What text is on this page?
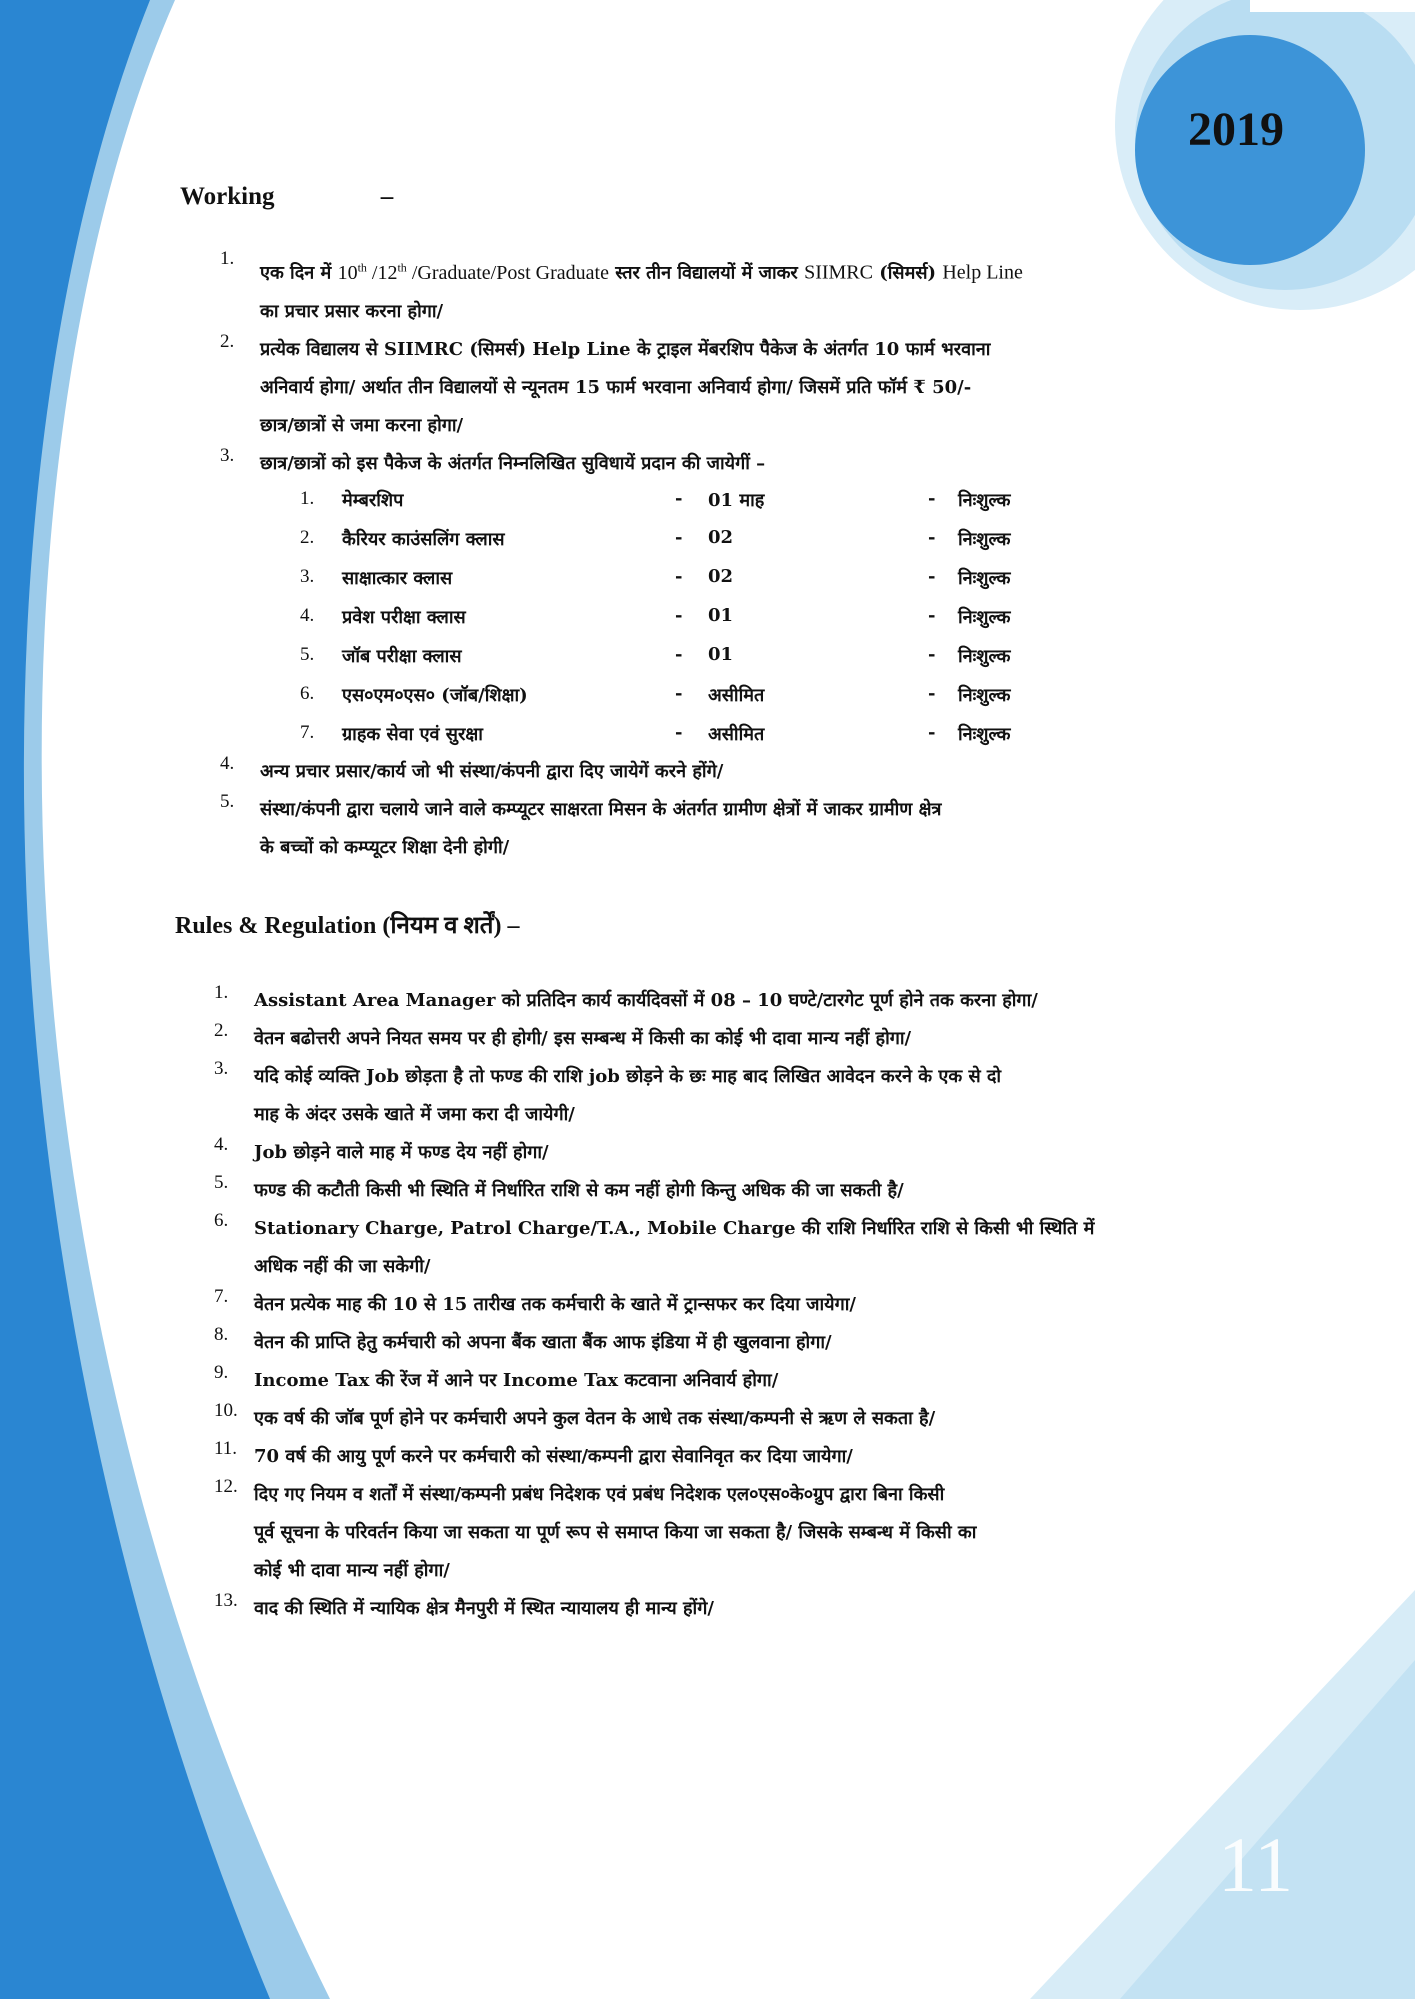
2019
Working	–
1.
एक दिन में 10th /12th /Graduate/Post Graduate स्तर तीन विद्यालयों में जाकर SIIMRC (सिमर्स) Help Line
का प्रचार प्रसार करना होगा/
2.	प्रत्येक विद्यालय से SIIMRC (सिमर्स) Help Line के ट्राइल मेंबरशिप पैकेज के अंतर्गत 10 फार्म भरवाना
अनिवार्य होगा/ अर्थात तीन विद्यालयों से न्यूनतम 15 फार्म भरवाना अनिवार्य होगा/ जिसमें प्रति फॉर्म ₹ 50/-
छात्र/छात्रों से जमा करना होगा/
3.	छात्र/छात्रों को इस पैकेज के अंतर्गत निम्नलिखित सुविधायें प्रदान की जायेगीं –
1. मेम्बरशिप	- 01 माह	- निःशुल्क
2. कैरियर काउंसलिंग क्लास	- 02	- निःशुल्क
3. साक्षात्कार क्लास	- 02	- निःशुल्क
4. प्रवेश परीक्षा क्लास	- 01	- निःशुल्क
5. जॉब परीक्षा क्लास	- 01	- निःशुल्क
6. एस०एम०एस० (जॉब/शिक्षा)	- असीमित	- निःशुल्क
7. ग्राहक सेवा एवं सुरक्षा	- असीमित	- निःशुल्क
4.	अन्य प्रचार प्रसार/कार्य जो भी संस्था/कंपनी द्वारा दिए जायेगें करने होंगे/
5.	संस्था/कंपनी द्वारा चलाये जाने वाले कम्प्यूटर साक्षरता मिसन के अंतर्गत ग्रामीण क्षेत्रों में जाकर ग्रामीण क्षेत्र
के बच्चों को कम्प्यूटर शिक्षा देनी होगी/
Rules & Regulation (नियम व शर्तें) –
1.	Assistant Area Manager को प्रतिदिन कार्य कार्यदिवसों में 08 – 10 घण्टे/टारगेट पूर्ण होने तक करना होगा/
2.	वेतन बढोत्तरी अपने नियत समय पर ही होगी/ इस सम्बन्ध में किसी का कोई भी दावा मान्य नहीं होगा/
3.	यदि कोई व्यक्ति Job छोड़ता है तो फण्ड की राशि job छोड़ने के छः माह बाद लिखित आवेदन करने के एक से दो
माह के अंदर उसके खाते में जमा करा दी जायेगी/
4.	Job छोड़ने वाले माह में फण्ड देय नहीं होगा/
5.	फण्ड की कटौती किसी भी स्थिति में निर्धारित राशि से कम नहीं होगी किन्तु अधिक की जा सकती है/
6.	Stationary Charge, Patrol Charge/T.A., Mobile Charge की राशि निर्धारित राशि से किसी भी स्थिति में
अधिक नहीं की जा सकेगी/
7.	वेतन प्रत्येक माह की 10 से 15 तारीख तक कर्मचारी के खाते में ट्रान्सफर कर दिया जायेगा/
8.	वेतन की प्राप्ति हेतु कर्मचारी को अपना बैंक खाता बैंक आफ इंडिया में ही खुलवाना होगा/
9.	Income Tax की रेंज में आने पर Income Tax कटवाना अनिवार्य होगा/
10. एक वर्ष की जॉब पूर्ण होने पर कर्मचारी अपने कुल वेतन के आधे तक संस्था/कम्पनी से ऋण ले सकता है/
11. 70 वर्ष की आयु पूर्ण करने पर कर्मचारी को संस्था/कम्पनी द्वारा सेवानिवृत कर दिया जायेगा/
12. दिए गए नियम व शर्तों में संस्था/कम्पनी प्रबंध निदेशक एवं प्रबंध निदेशक एल०एस०के०ग्रुप द्वारा बिना किसी
पूर्व सूचना के परिवर्तन किया जा सकता या पूर्ण रूप से समाप्त किया जा सकता है/ जिसके सम्बन्ध में किसी का
कोई भी दावा मान्य नहीं होगा/
13. वाद की स्थिति में न्यायिक क्षेत्र मैनपुरी में स्थित न्यायालय ही मान्य होंगे/
11
